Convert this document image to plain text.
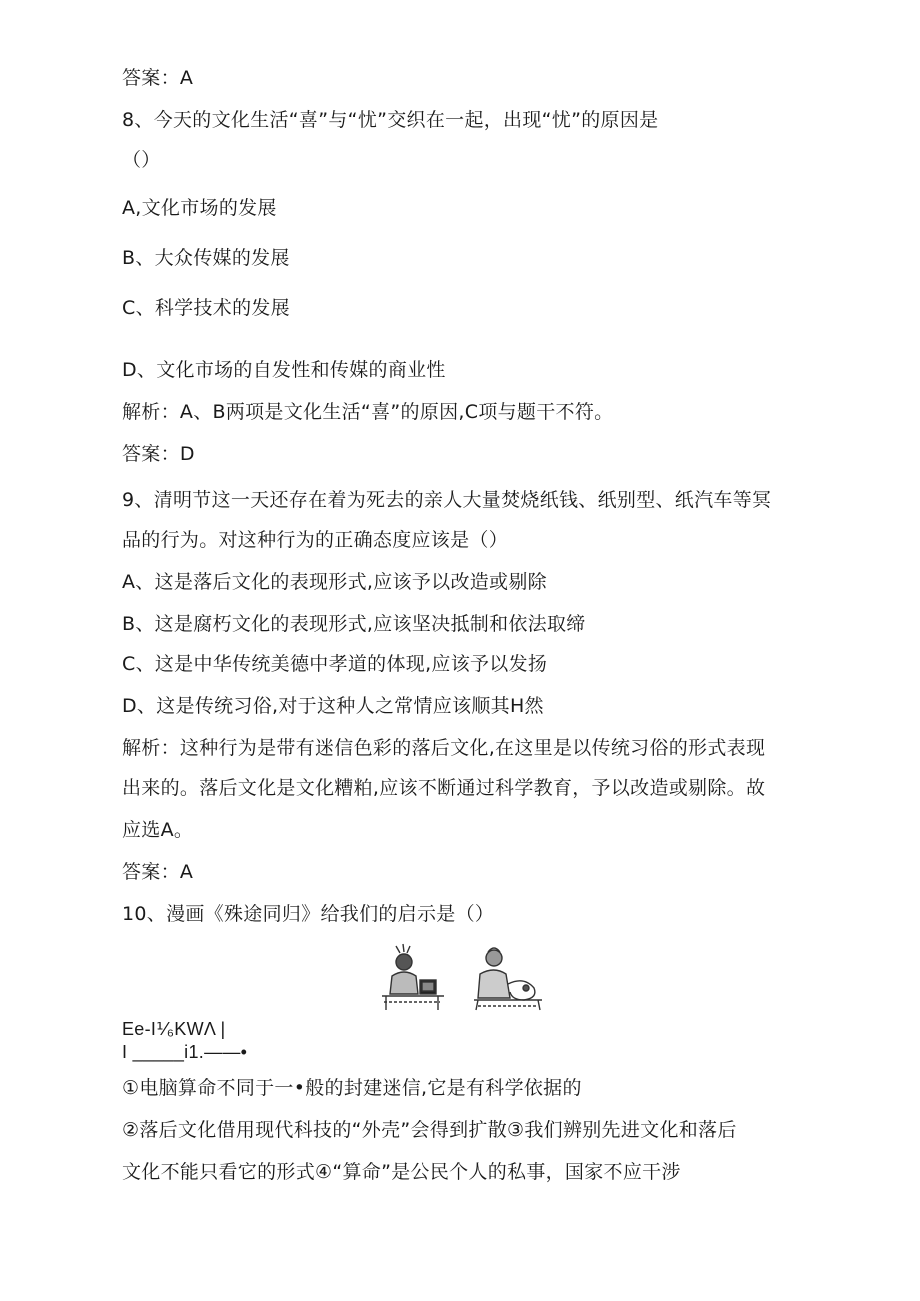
答案：A
8、今天的文化生活“喜”与“忧”交织在一起，出现“忧”的原因是
（）
A,文化市场的发展
B、大众传媒的发展
C、科学技术的发展
D、文化市场的自发性和传媒的商业性
解析：A、B两项是文化生活“喜”的原因,C项与题干不符。
答案：D
9、清明节这一天还存在着为死去的亲人大量焚烧纸钱、纸别型、纸汽车等冥
品的行为。对这种行为的正确态度应该是（）
A、这是落后文化的表现形式,应该予以改造或剔除
B、这是腐朽文化的表现形式,应该坚决抵制和依法取缔
C、这是中华传统美德中孝道的体现,应该予以发扬
D、这是传统习俗,对于这种人之常情应该顺其H然
解析：这种行为是带有迷信色彩的落后文化,在这里是以传统习俗的形式表现
出来的。落后文化是文化糟粕,应该不断通过科学教育，予以改造或剔除。故
应选A。
答案：A
10、漫画《殊途同归》给我们的启示是（）
Ee-I⅟₆KWΛ |
I _____i1.——•
①电脑算命不同于一•般的封建迷信,它是有科学依据的
②落后文化借用现代科技的“外壳”会得到扩散③我们辨别先进文化和落后
文化不能只看它的形式④“算命”是公民个人的私事，国家不应干涉
